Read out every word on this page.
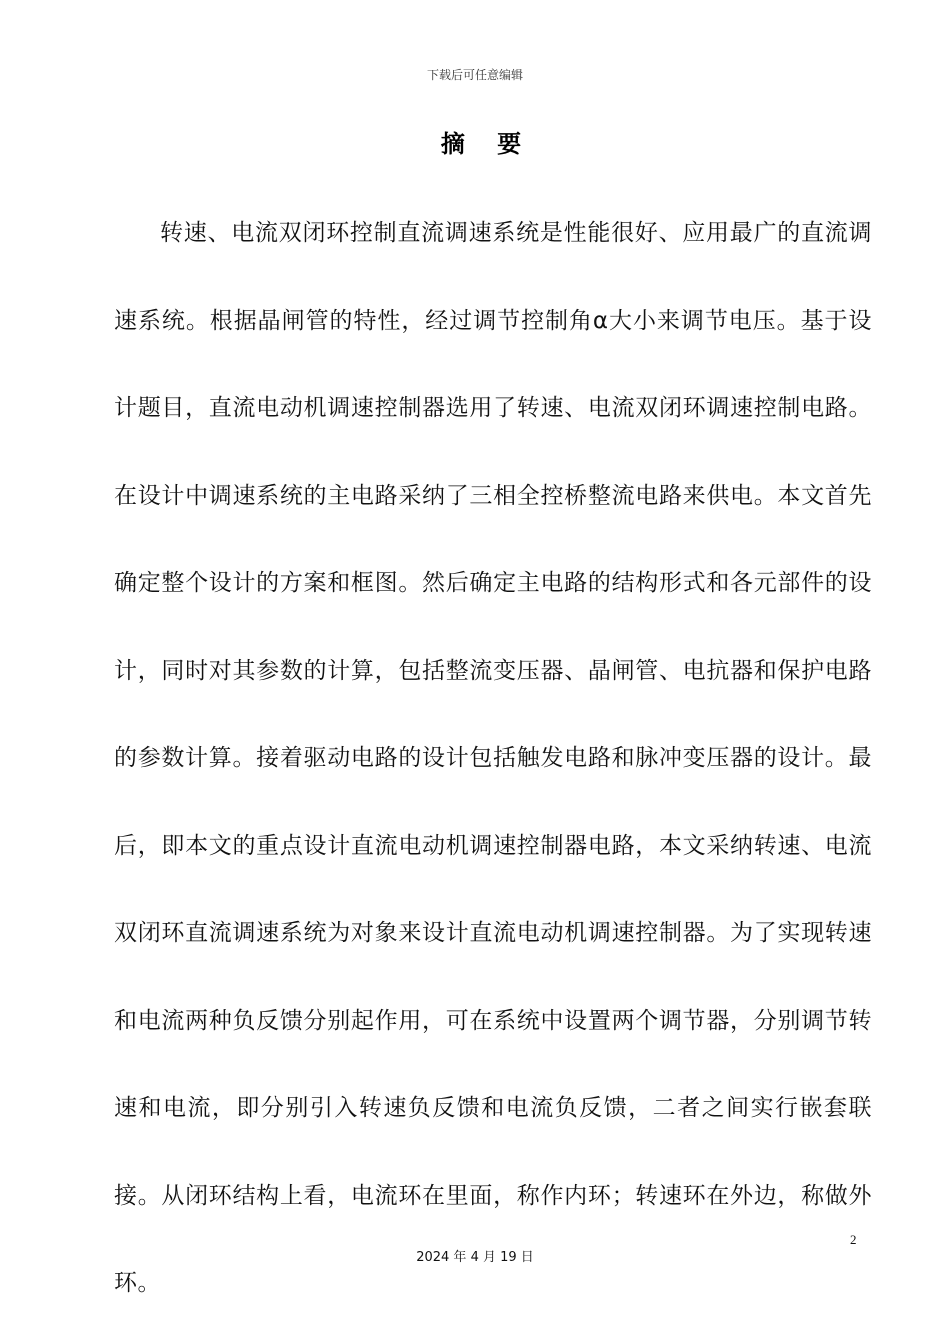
下载后可任意编辑
摘 要

转速、电流双闭环控制直流调速系统是性能很好、应用最广的直流调速系统。根据晶闸管的特性，经过调节控制角α大小来调节电压。基于设计题目，直流电动机调速控制器选用了转速、电流双闭环调速控制电路。在设计中调速系统的主电路采纳了三相全控桥整流电路来供电。本文首先确定整个设计的方案和框图。然后确定主电路的结构形式和各元部件的设计，同时对其参数的计算，包括整流变压器、晶闸管、电抗器和保护电路的参数计算。接着驱动电路的设计包括触发电路和脉冲变压器的设计。最后，即本文的重点设计直流电动机调速控制器电路，本文采纳转速、电流双闭环直流调速系统为对象来设计直流电动机调速控制器。为了实现转速和电流两种负反馈分别起作用，可在系统中设置两个调节器，分别调节转速和电流，即分别引入转速负反馈和电流负反馈，二者之间实行嵌套联接。从闭环结构上看，电流环在里面，称作内环；转速环在外边，称做外环。

2
2024 年 4 月 19 日
